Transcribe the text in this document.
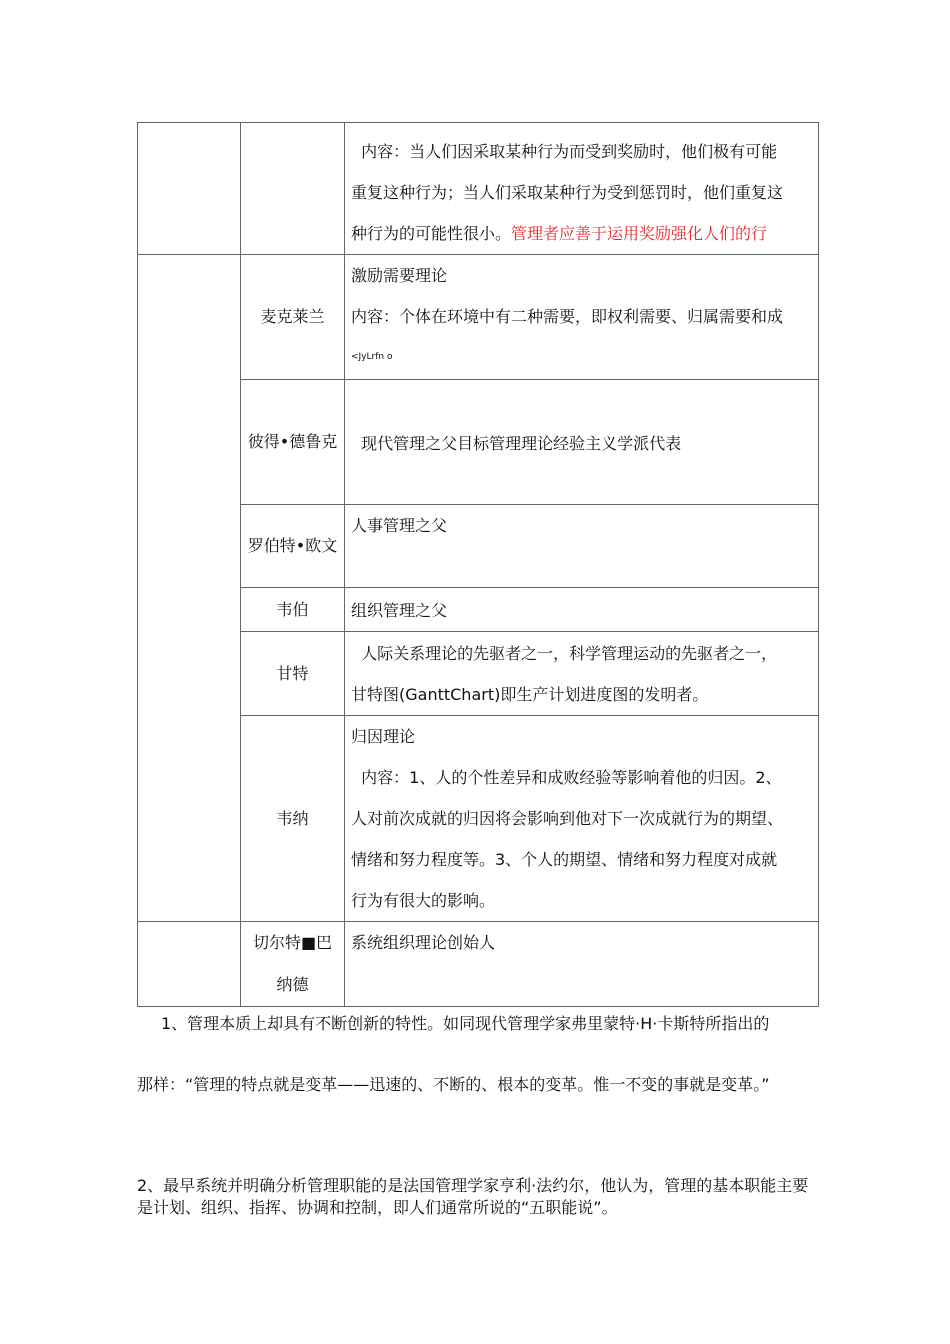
		内容：当人们因采取某种行为而受到奖励时，他们极有可能
重复这种行为；当人们采取某种行为受到惩罚时，他们重复这
种行为的可能性很小。管理者应善于运用奖励强化人们的行

	麦克莱兰	激励需要理论
内容：个体在环境中有二种需要，即权利需要、归属需要和成
<JyLrfn o

	彼得•德鲁克	现代管理之父目标管理理论经验主义学派代表
	罗伯特•欧文	人事管理之父
	韦伯	组织管理之父
	甘特	人际关系理论的先驱者之一，科学管理运动的先驱者之一，
甘特图(GanttChart)即生产计划进度图的发明者。

	韦纳	归因理论
内容：1、人的个性差异和成败经验等影响着他的归因。2、
人对前次成就的归因将会影响到他对下一次成就行为的期望、
情绪和努力程度等。3、个人的期望、情绪和努力程度对成就
行为有很大的影响。

	切尔特■巴纳德	系统组织理论创始人
1、管理本质上却具有不断创新的特性。如同现代管理学家弗里蒙特·H·卡斯特所指出的
那样：“管理的特点就是变革——迅速的、不断的、根本的变革。惟一不变的事就是变革。”
2、最早系统并明确分析管理职能的是法国管理学家亨利·法约尔，他认为，管理的基本职能主要是计划、组织、指挥、协调和控制，即人们通常所说的“五职能说”。
